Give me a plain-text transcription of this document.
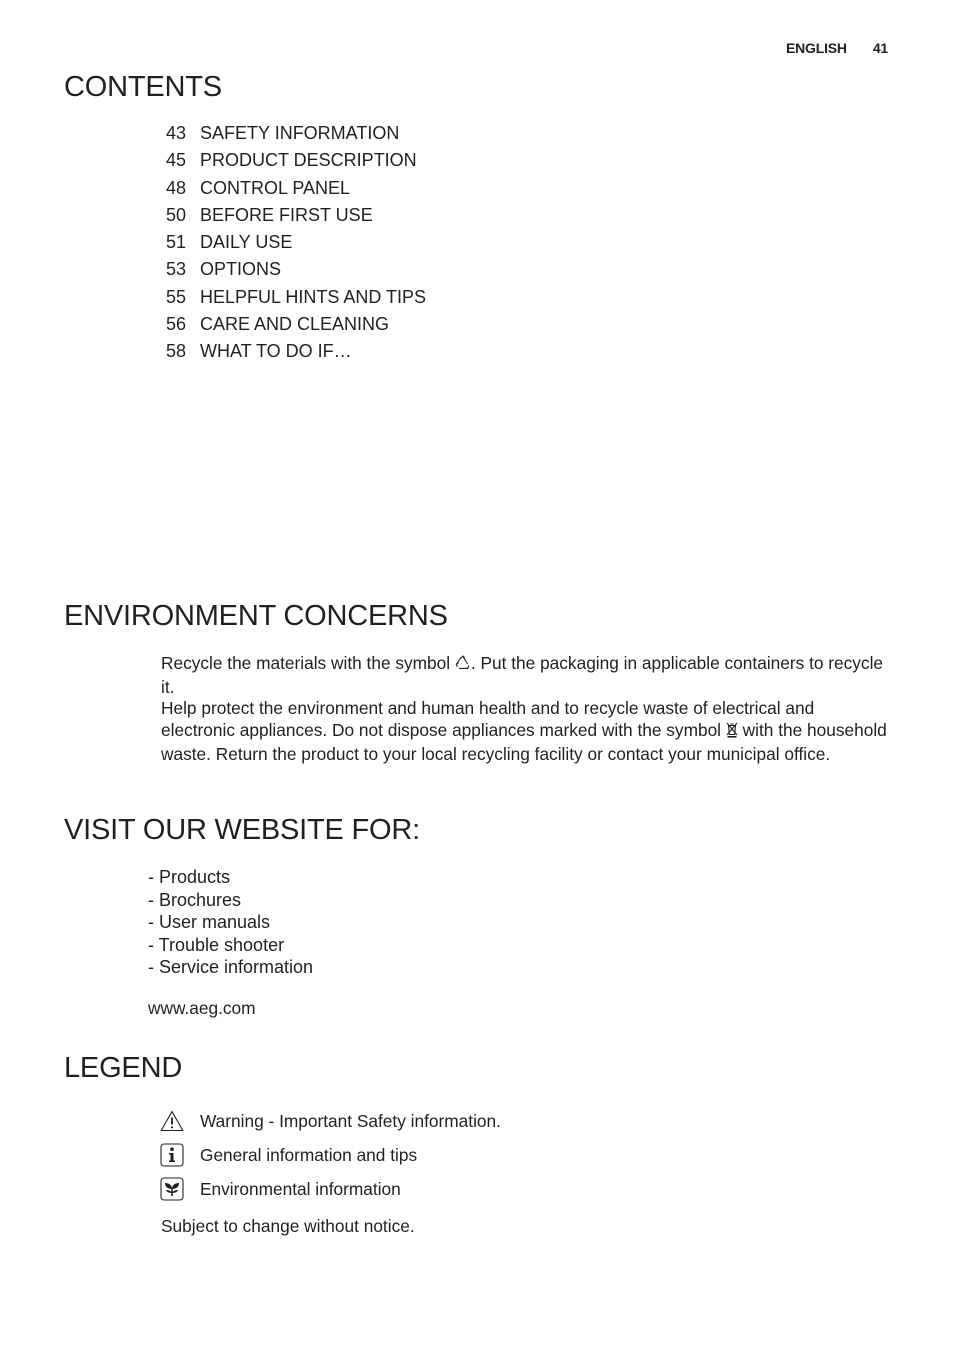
ENGLISH 41
CONTENTS
43 SAFETY INFORMATION
45 PRODUCT DESCRIPTION
48 CONTROL PANEL
50 BEFORE FIRST USE
51 DAILY USE
53 OPTIONS
55 HELPFUL HINTS AND TIPS
56 CARE AND CLEANING
58 WHAT TO DO IF…
ENVIRONMENT CONCERNS

Recycle the materials with the symbol . Put the packaging in applicable containers to recycle it.
Help protect the environment and human health and to recycle waste of electrical and electronic appliances. Do not dispose appliances marked with the symbol with the household waste. Return the product to your local recycling facility or contact your municipal office.

VISIT OUR WEBSITE FOR:
- Products
- Brochures
- User manuals
- Trouble shooter
- Service information

www.aeg.com

LEGEND
Warning - Important Safety information.
General information and tips
Environmental information

Subject to change without notice.
